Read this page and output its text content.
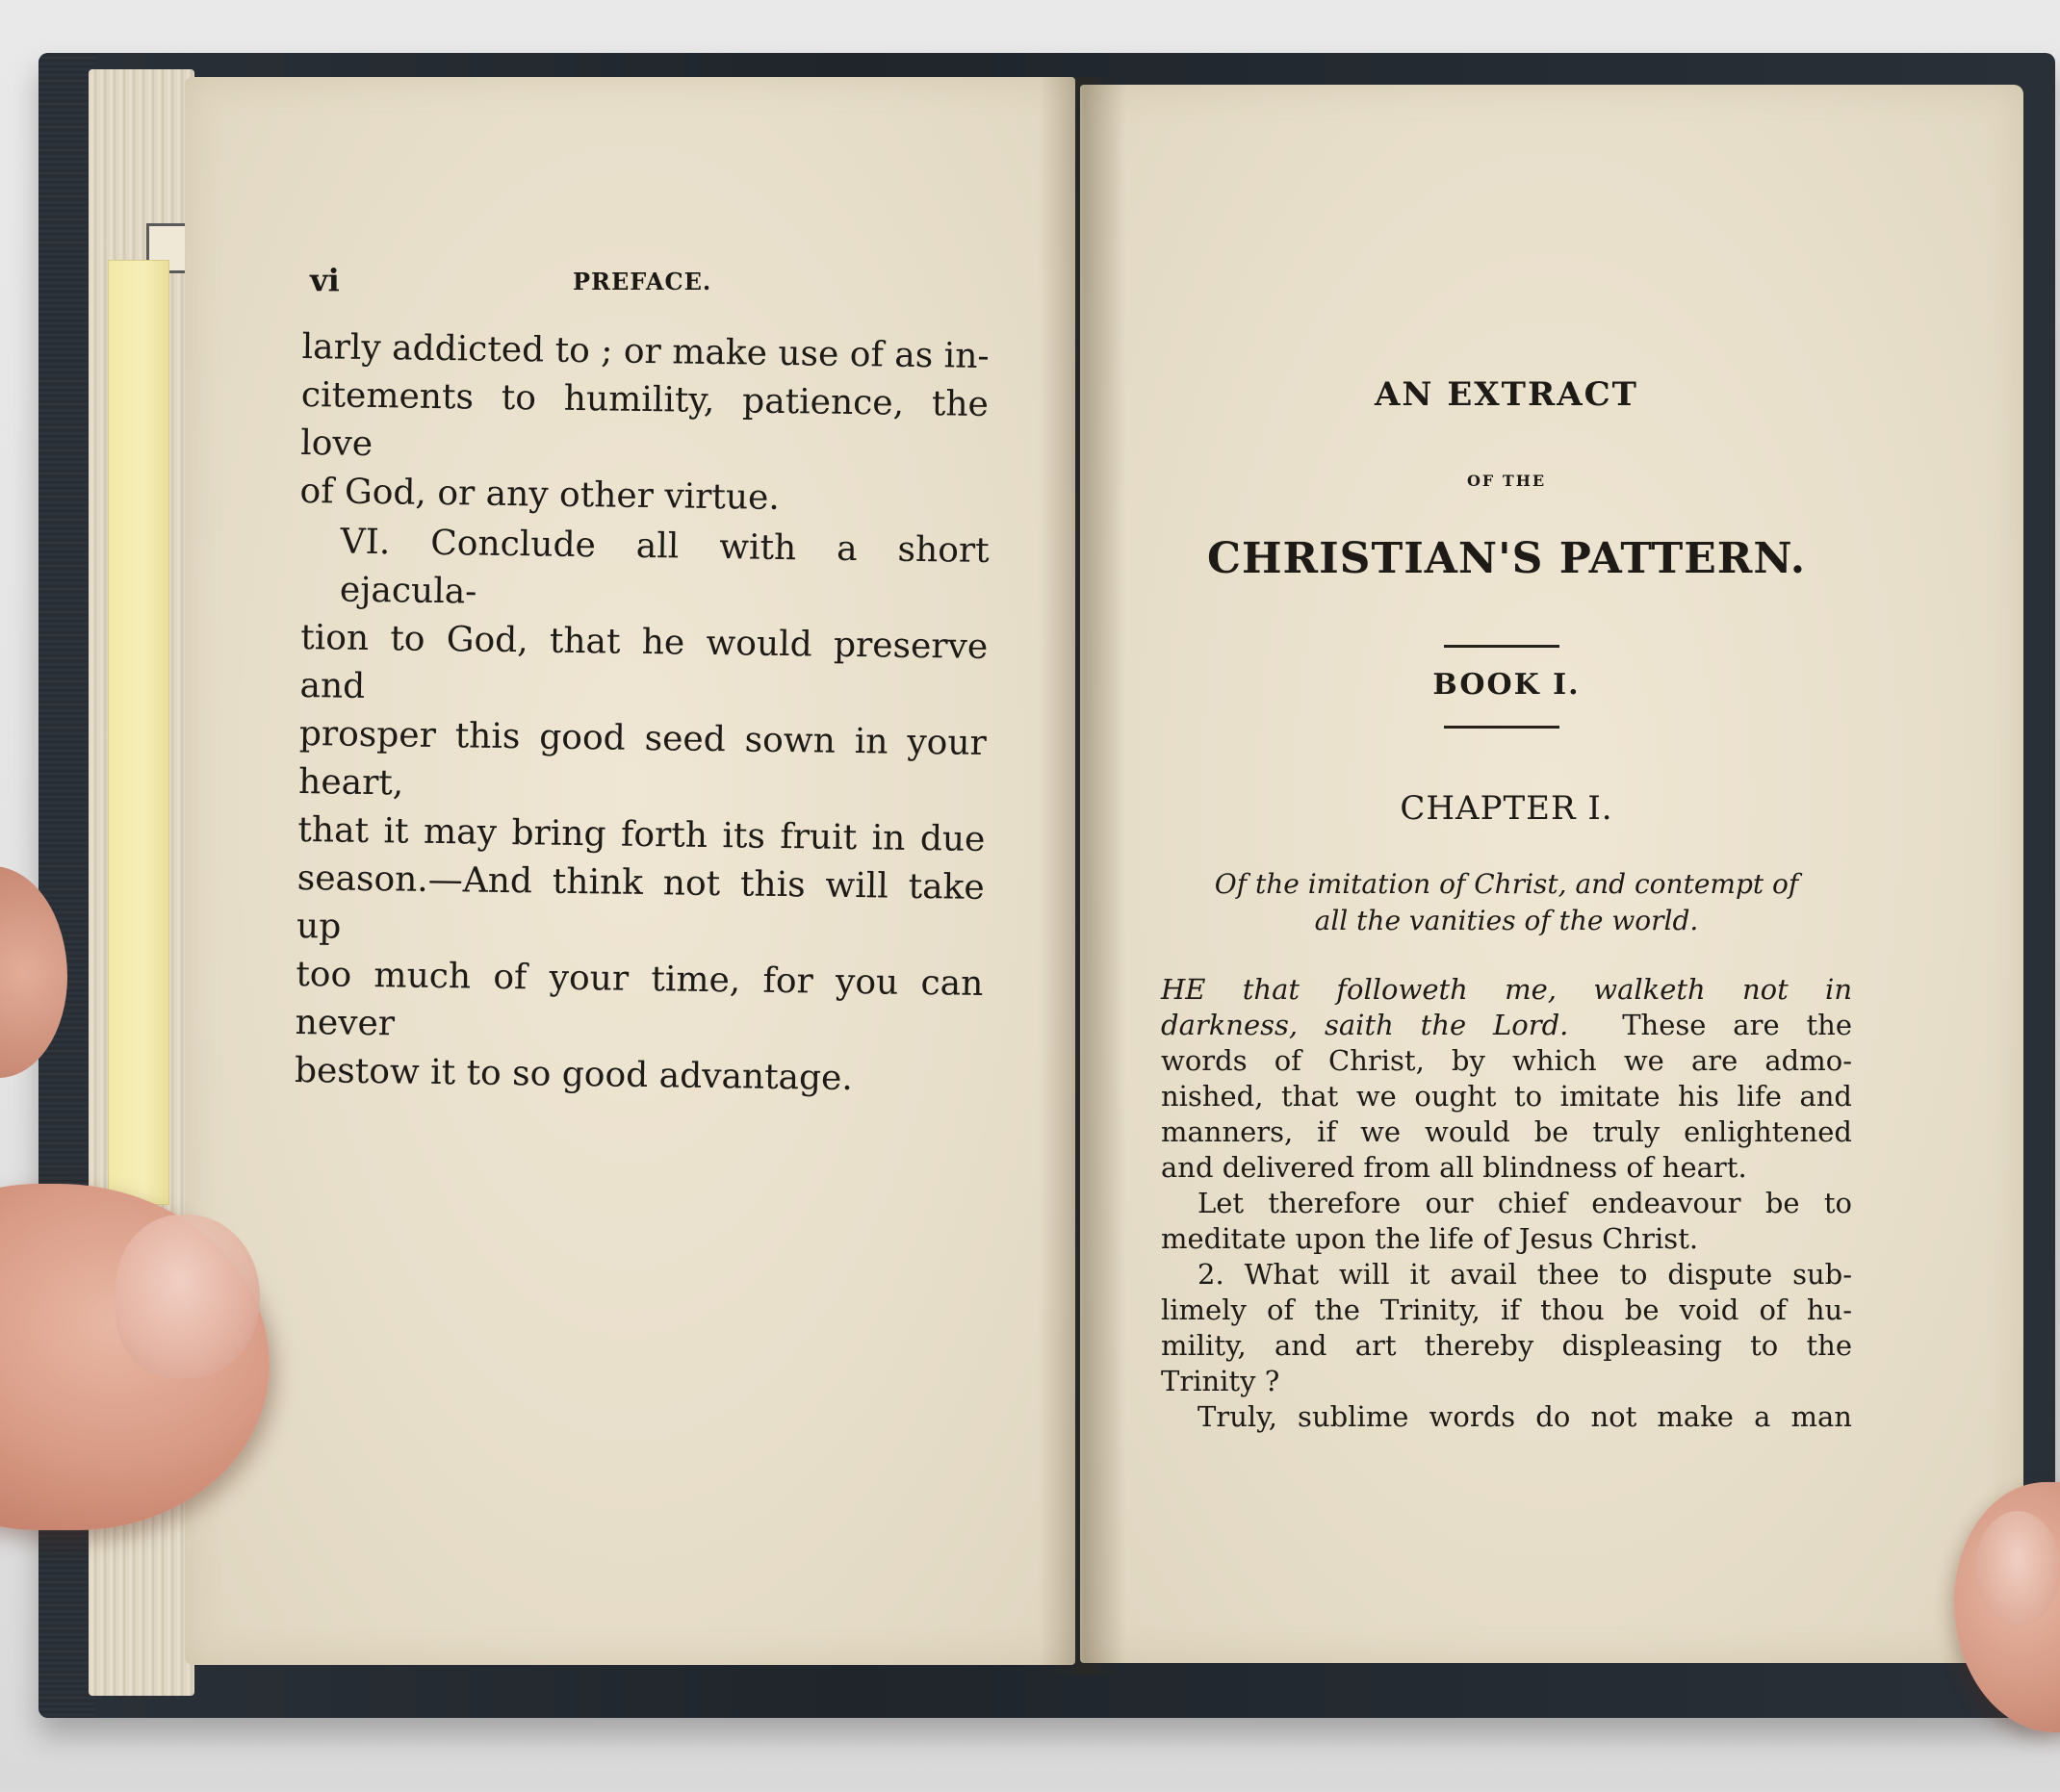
vi	PREFACE.
larly addicted to ; or make use of as in-
citements to humility, patience, the love
of God, or any other virtue.
VI. Conclude all with a short ejacula-
tion to God, that he would preserve and
prosper this good seed sown in your heart,
that it may bring forth its fruit in due
season.—And think not this will take up
too much of your time, for you can never
bestow it to so good advantage.
AN EXTRACT
OF THE
CHRISTIAN'S PATTERN.
BOOK I.
CHAPTER I.
Of the imitation of Christ, and contempt of
all the vanities of the world.
HE that followeth me, walketh not in
darkness, saith the Lord. These are the
words of Christ, by which we are admo-
nished, that we ought to imitate his life and
manners, if we would be truly enlightened
and delivered from all blindness of heart.
Let therefore our chief endeavour be to
meditate upon the life of Jesus Christ.
2. What will it avail thee to dispute sub-
limely of the Trinity, if thou be void of hu-
mility, and art thereby displeasing to the
Trinity ?
Truly, sublime words do not make a man
